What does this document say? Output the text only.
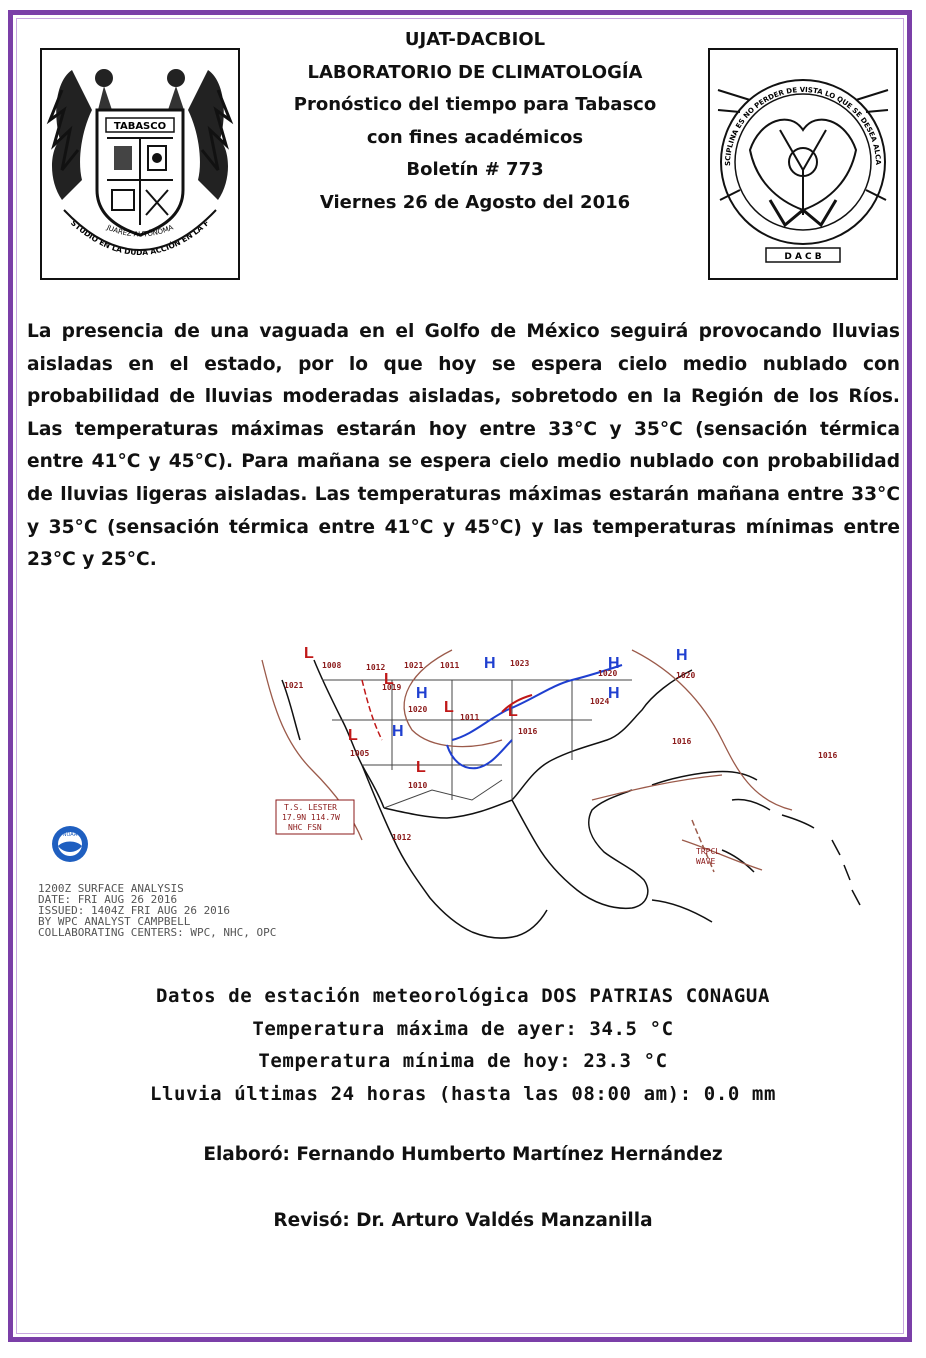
TABASCO
STUDIO EN LA DUDA ACCIÓN EN LA F
JUAREZ AUTÓNOMA
UJAT-DACBIOL
LABORATORIO DE CLIMATOLOGÍA
Pronóstico del tiempo para Tabasco
con fines académicos
Boletín # 773
Viernes 26 de Agosto del 2016
SCIPLINA ES NO PERDER DE VISTA LO QUE SE DESEA ALCA
D A C B
La presencia de una vaguada en el Golfo de México seguirá provocando lluvias aisladas en el estado, por lo que hoy se espera cielo medio nublado con probabilidad de lluvias moderadas aisladas, sobretodo en la Región de los Ríos. Las temperaturas máximas estarán hoy entre 33°C y 35°C (sensación térmica entre 41°C y 45°C). Para mañana se espera cielo medio nublado con probabilidad de lluvias ligeras aisladas. Las temperaturas máximas estarán mañana entre 33°C y 35°C (sensación térmica entre 41°C y 45°C) y las temperaturas mínimas entre 23°C y 25°C.
H	H	H
H
H
H
L
L
L	L
L
L
1008	1012 1021 1011	1023
1020
1011
1019
1020
1024
1021
1016
1020
1016
1005
1010
1016
1012
T.S. LESTER
17.9N 114.7W
NHC FSN
TRPCL
WAVE
NOAA
1200Z SURFACE ANALYSIS
DATE: FRI AUG 26 2016
ISSUED: 1404Z FRI AUG 26 2016
BY WPC ANALYST CAMPBELL
COLLABORATING CENTERS: WPC, NHC, OPC
Datos de estación meteorológica DOS PATRIAS CONAGUA
Temperatura máxima de ayer: 34.5 °C
Temperatura mínima de hoy: 23.3 °C
Lluvia últimas 24 horas (hasta las 08:00 am): 0.0 mm
Elaboró: Fernando Humberto Martínez Hernández
Revisó: Dr. Arturo Valdés Manzanilla
